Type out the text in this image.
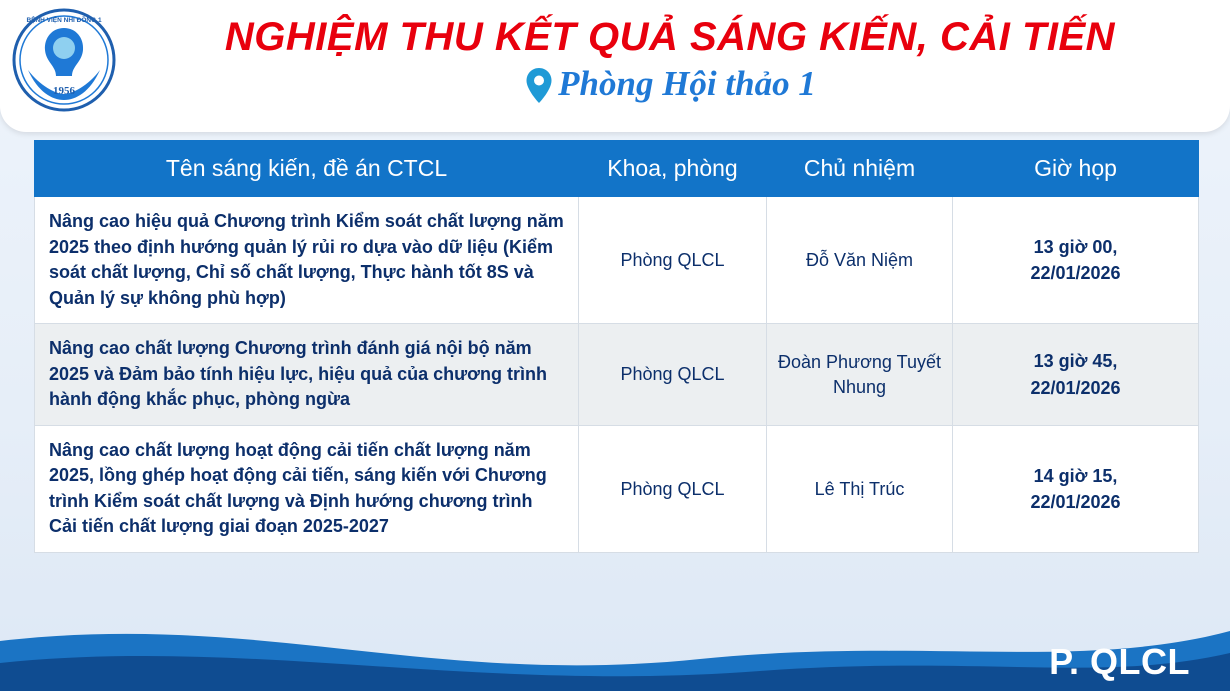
1956
BỆNH VIỆN NHI ĐỒNG 1	NGHIỆM THU KẾT QUẢ SÁNG KIẾN, CẢI TIẾN
Phòng Hội thảo 1
Tên sáng kiến, đề án CTCL	Khoa, phòng	Chủ nhiệm	Giờ họp
Nâng cao hiệu quả Chương trình Kiểm soát chất lượng năm 2025 theo định hướng quản lý rủi ro dựa vào dữ liệu (Kiểm soát chất lượng, Chỉ số chất lượng, Thực hành tốt 8S và Quản lý sự không phù hợp)	Phòng QLCL	Đỗ Văn Niệm	13 giờ 00,
22/01/2026
Nâng cao chất lượng Chương trình đánh giá nội bộ năm 2025 và Đảm bảo tính hiệu lực, hiệu quả của chương trình hành động khắc phục, phòng ngừa	Phòng QLCL	Đoàn Phương Tuyết Nhung	13 giờ 45,
22/01/2026
Nâng cao chất lượng hoạt động cải tiến chất lượng năm 2025, lồng ghép hoạt động cải tiến, sáng kiến với Chương trình Kiểm soát chất lượng và Định hướng chương trình Cải tiến chất lượng giai đoạn 2025-2027	Phòng QLCL	Lê Thị Trúc	14 giờ 15,
22/01/2026
P. QLCL
